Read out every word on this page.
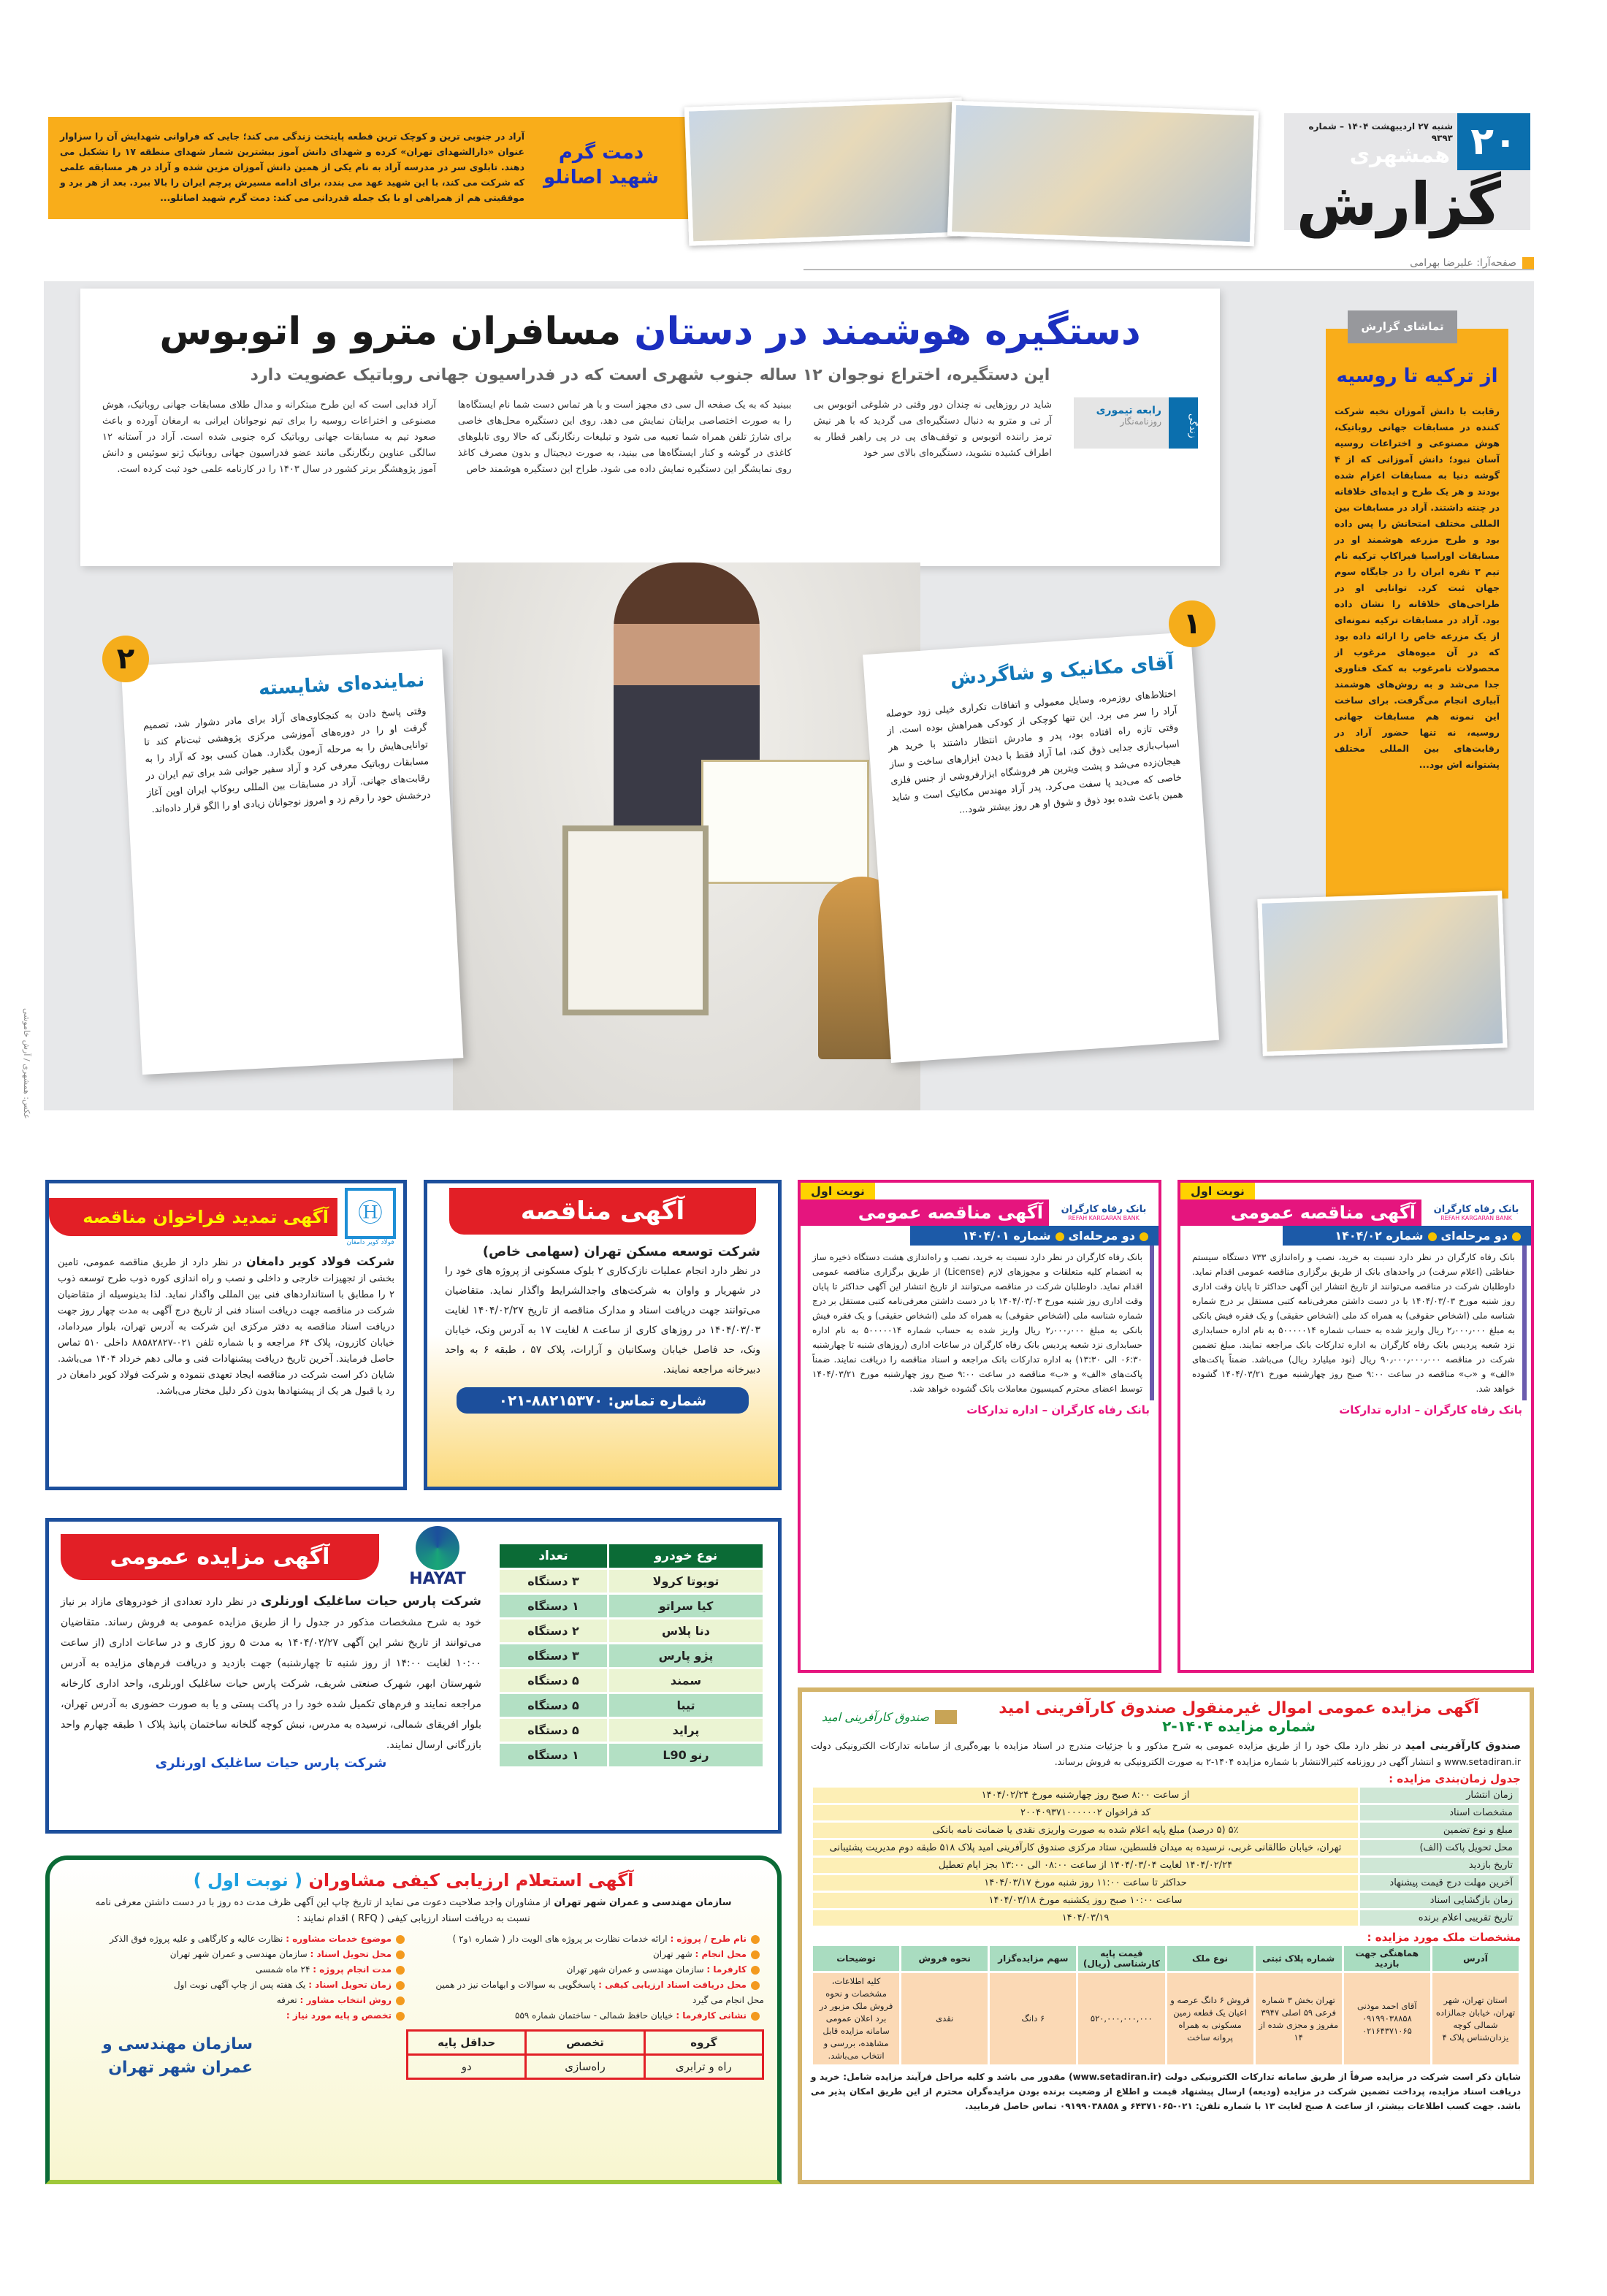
۲۰
شنبه ۲۷ اردیبهشت ۱۴۰۴ – شماره ۹۳۹۳
همشهری
گزارش
صفحه‌آرا: علیرضا بهرامی
دمت گرم
شهید اصانلو
آراد در جنوبی ترین و کوچک ترین قطعه پایتخت زندگی می کند؛ جایی که فراوانی شهدایش آن را سزاوار عنوان «دارالشهدای تهران» کرده و شهدای دانش آموز بیشترین شمار شهدای منطقه ۱۷ را تشکیل می دهند. تابلوی سر در مدرسه آراد به نام یکی از همین دانش آموزان مزین شده و آراد در هر مسابقه علمی که شرکت می کند، با این شهید عهد می بندد، برای ادامه مسیرش پرچم ایران را بالا ببرد. بعد از هر برد و موفقیتی هم از همراهی او با یک جمله قدردانی می کند: دمت گرم شهید اصانلو...
دستگیره هوشمند در دستان مسافران مترو و اتوبوس
این دستگیره، اختراع نوجوان ۱۲ ساله جنوب شهری است که در فدراسیون جهانی روباتیک عضویت دارد
زندگی
رابعه تیموری
روزنامه‌نگار
شاید در روزهایی نه چندان دور وقتی در شلوغی اتوبوس بی آر تی و مترو به دنبال دستگیره‌ای می گردید که با هر نیش ترمز راننده اتوبوس و توقف‌های پی در پی راهبر قطار به اطراف کشیده نشوید، دستگیره‌ای بالای سر خود
ببینید که به یک صفحه ال سی دی مجهز است و با هر تماس دست شما نام ایستگاه‌ها را به صورت اختصاصی برایتان نمایش می دهد. روی این دستگیره محل‌های خاصی برای شارژ تلفن همراه شما تعبیه می شود و تبلیغات رنگارنگی که حالا روی تابلوهای کاغذی در گوشه و کنار ایستگاه‌ها می بینید، به صورت دیجیتال و بدون مصرف کاغذ روی نمایشگر این دستگیره نمایش داده می شود. طراح این دستگیره هوشمند خاص
آراد فدایی است که این طرح مبتکرانه و مدال طلای مسابقات جهانی روباتیک، هوش مصنوعی و اختراعات روسیه را برای تیم نوجوانان ایرانی به ارمغان آورده و باعث صعود تیم به مسابقات جهانی روباتیک کره جنوبی شده است. آراد در آستانه ۱۲ سالگی عناوین رنگارنگی مانند عضو فدراسیون جهانی روباتیک ژنو سوئیس و دانش آموز پژوهشگر برتر کشور در سال ۱۴۰۳ را در کارنامه علمی خود ثبت کرده است.
تماشای گزارش
از ترکیه تا روسیه
رقابت با دانش آموزان نخبه شرکت کننده در مسابقات جهانی روباتیک، هوش مصنوعی و اختراعات روسیه آسان نبود؛ دانش آموزانی که از ۴ گوشه دنیا به مسابقات اعزام شده بودند و هر یک طرح و ایده‌ای خلاقانه در چنته داشتند. آراد در مسابقات بین المللی مختلف امتحانش را پس داده بود و طرح مزرعه هوشمند او در مسابقات اوراسیا فیراکاپ ترکیه نام تیم ۳ نفره ایران را در جایگاه سوم جهان ثبت کرد. توانایی او در طراحی‌های خلاقانه را نشان داده بود. آراد در مسابقات ترکیه نمونه‌ای از یک مزرعه خاص را ارائه داده بود که در آن میوه‌های مرغوب از محصولات نامرغوب به کمک فناوری جدا می‌شد و به روش‌های هوشمند آبیاری انجام می‌گرفت. برای ساخت این نمونه هم مسابقات جهانی روسیه، نه تنها حضور آراد در رقابت‌های بین المللی مختلف پشتوانه اش بود...
عکس: همشهری / آرش خاموشی
نماینده‌ای شایسته
وقتی پاسخ دادن به کنجکاوی‌های آراد برای مادر دشوار شد، تصمیم گرفت او را در دوره‌های آموزشی مرکزی پژوهشی ثبت‌نام کند تا توانایی‌هایش را به مرحله آزمون بگذارد. همان کسی بود که آراد را به مسابقات روباتیک معرفی کرد و آراد سفیر جوانی شد برای تیم ایران در رقابت‌های جهانی. آراد در مسابقات بین المللی ربوکاپ ایران اوپن آغاز درخشش خود را رقم زد و امروز نوجوانان زیادی او را الگو قرار داده‌اند.
۲	آقای مکانیک و شاگردش
اختلاط‌های روزمره، وسایل معمولی و اتفاقات تکراری خیلی زود حوصله آراد را سر می برد. این تنها کوچکی از کودکی همراهش بوده است. از وقتی تازه راه افتاده بود، پدر و مادرش انتظار داشتند با خرید هر اسباب‌بازی جدایی ذوق کند، اما آراد فقط با دیدن ابزارهای ساخت و ساز هیجان‌زده می‌شد و پشت ویترین هر فروشگاه ابزارفروشی از جنس فلزی خاصی که می‌دید پا سفت می‌کرد. پدر آراد مهندس مکانیک است و شاید همین باعث شده بود ذوق و شوق او هر روز بیشتر شود...
۱
Ⓗ
فولاد کویر دامغان
آگهی تمدید فراخوان مناقصه
شرکت فولاد کویر دامغان در نظر دارد از طریق مناقصه عمومی، تامین بخشی از تجهیزات خارجی و داخلی و نصب و راه اندازی کوره ذوب طرح توسعه ذوب ۲ را مطابق با استانداردهای فنی بین المللی واگذار نماید. لذا بدینوسیله از متقاضیان شرکت در مناقصه جهت دریافت اسناد فنی از تاریخ درج آگهی به مدت چهار روز جهت دریافت اسناد مناقصه به دفتر مرکزی این شرکت به آدرس تهران، بلوار میرداماد، خیابان کازرون، پلاک ۶۴ مراجعه و با شماره تلفن ۰۲۱-۸۸۵۸۲۸۲۷ داخلی ۵۱۰ تماس حاصل فرمایند. آخرین تاریخ دریافت پیشنهادات فنی و مالی دهم خرداد ۱۴۰۴ می‌باشد. شایان ذکر است شرکت در مناقصه ایجاد تعهدی ننموده و شرکت فولاد کویر دامغان در رد یا قبول هر یک از پیشنهادها بدون ذکر دلیل مختار می‌باشد.
آگهی مناقصه
شرکت توسعه مسکن تهران (سهامی خاص)
در نظر دارد انجام عملیات نازک‌کاری ۲ بلوک مسکونی از پروژه های خود را در شهریار و واوان به شرکت‌های واجدالشرایط واگذار نماید. متقاضیان می‌توانند جهت دریافت اسناد و مدارک مناقصه از تاریخ ۱۴۰۴/۰۲/۲۷ لغایت ۱۴۰۴/۰۳/۰۳ در روزهای کاری از ساعت ۸ لغایت ۱۷ به آدرس ونک، خیابان ونک، حد فاصل خیابان وسکانیان و آرارات، پلاک ۵۷ ، طبقه ۶ به واحد دبیرخانه مراجعه نمایند.
شماره تماس: ۸۸۲۱۵۳۷۰-۰۲۱
نوبت اول
بانک رفاه کارگران
REFAH KARGARAN BANK
آگهی مناقصه عمومی
دو مرحله‌ایشماره ۱۴۰۴/۰۱
بانک رفاه کارگران در نظر دارد نسبت به خرید، نصب و راه‌اندازی هشت دستگاه ذخیره ساز به انضمام کلیه متعلقات و مجوزهای لازم (License) از طریق برگزاری مناقصه عمومی اقدام نماید. داوطلبان شرکت در مناقصه می‌توانند از تاریخ انتشار این آگهی حداکثر تا پایان وقت اداری روز شنبه مورخ ۱۴۰۴/۰۳/۰۳ با در دست داشتن معرفی‌نامه کتبی مستقل بر درج شماره شناسه ملی (اشخاص حقوقی) به همراه کد ملی (اشخاص حقیقی) و یک فقره فیش بانکی به مبلغ ۲٫۰۰۰٫۰۰۰ ریال واریز شده به حساب شماره ۵۰۰۰۰۰۱۴ به نام اداره حسابداری نزد شعبه پردیس بانک رفاه کارگران در ساعات اداری (روزهای شنبه تا چهارشنبه ۰۶:۳۰ الی ۱۳:۳۰) به اداره تدارکات بانک مراجعه و اسناد مناقصه را دریافت نمایند. ضمناً پاکت‌های «الف» و «ب» مناقصه در ساعت ۹:۰۰ صبح روز چهارشنبه مورخ ۱۴۰۴/۰۳/۲۱ توسط اعضای محترم کمیسیون معاملات بانک گشوده خواهد شد.
بانک رفاه کارگران – اداره تدارکات
نوبت اول
بانک رفاه کارگران
REFAH KARGARAN BANK
آگهی مناقصه عمومی
دو مرحله‌ایشماره ۱۴۰۴/۰۲
بانک رفاه کارگران در نظر دارد نسبت به خرید، نصب و راه‌اندازی ۷۳۳ دستگاه سیستم حفاظتی (اعلام سرقت) در واحدهای بانک از طریق برگزاری مناقصه عمومی اقدام نماید. داوطلبان شرکت در مناقصه می‌توانند از تاریخ انتشار این آگهی حداکثر تا پایان وقت اداری روز شنبه مورخ ۱۴۰۴/۰۳/۰۳ با در دست داشتن معرفی‌نامه کتبی مستقل بر درج شماره شناسه ملی (اشخاص حقوقی) به همراه کد ملی (اشخاص حقیقی) و یک فقره فیش بانکی به مبلغ ۲٫۰۰۰٫۰۰۰ ریال واریز شده به حساب شماره ۵۰۰۰۰۰۱۴ به نام اداره حسابداری نزد شعبه پردیس بانک رفاه کارگران به اداره تدارکات بانک مراجعه نمایند. مبلغ تضمین شرکت در مناقصه ۹۰٫۰۰۰٫۰۰۰٫۰۰۰ ریال (نود میلیارد ریال) می‌باشد. ضمناً پاکت‌های «الف» و «ب» مناقصه در ساعت ۹:۰۰ صبح روز چهارشنبه مورخ ۱۴۰۴/۰۳/۲۱ گشوده خواهد شد.
بانک رفاه کارگران – اداره تدارکات
نوع خودرو	تعداد
تویوتا کرولا	۳ دستگاه
کیا سراتو	۱ دستگاه
دنا پلاس	۲ دستگاه
پژو پارس	۳ دستگاه
سمند	۵ دستگاه
تیبا	۵ دستگاه
پراید	۵ دستگاه
رنو L90	۱ دستگاه
HAYAT
آگهی مزایده عمومی
شرکت پارس حیات ساغلیک اورنلری در نظر دارد تعدادی از خودروهای مازاد بر نیاز خود به شرح مشخصات مذکور در جدول را از طریق مزایده عمومی به فروش رساند. متقاضیان می‌توانند از تاریخ نشر این آگهی ۱۴۰۴/۰۲/۲۷ به مدت ۵ روز کاری و در ساعات اداری (از ساعت ۱۰:۰۰ لغایت ۱۴:۰۰ از روز شنبه تا چهارشنبه) جهت بازدید و دریافت فرم‌های مزایده به آدرس شهرستان ابهر، شهرک صنعتی شریف، شرکت پارس حیات ساغلیک اورنلری، واحد اداری کارخانه مراجعه نمایند و فرم‌های تکمیل شده خود را در پاکت پستی و یا به صورت حضوری به آدرس تهران، بلوار افریقای شمالی، نرسیده به مدرس، نبش کوچه گلخانه ساختمان پانیذ پلاک ۱ طبقه چهارم واحد بازرگانی ارسال نمایند.
شرکت پارس حیات ساغلیک اورنلری
آگهی استعلام ارزیابی کیفی مشاوران ( نوبت اول )
سازمان مهندسی و عمران شهر تهران از مشاوران واجد صلاحیت دعوت می نماید از تاریخ چاپ این آگهی ظرف مدت ده روز با در دست داشتن معرفی نامه نسبت به دریافت اسناد ارزیابی کیفی ( RFQ ) اقدام نمایند :
نام طرح / پروژه : ارائه خدمات نظارت بر پروژه های الویت دار ( شماره ۱و۲ )
محل انجام : شهر تهران
کارفرما : سازمان مهندسی و عمران شهر تهران
محل دریافت اسناد ارزیابی کیفی : پاسخگویی به سوالات و ابهامات نیز در همین محل انجام می گیرد
نشانی کارفرما : خیابان حافظ شمالی - ساختمان شماره ۵۵۹
موضوع خدمات مشاوره : نظارت عالیه و کارگاهی و علیه پروژه فوق الذکر
محل تحویل اسناد : سازمان مهندسی و عمران شهر تهران
مدت انجام پروژه : ۲۴ ماه شمسی
زمان تحویل اسناد : یک هفته پس از چاپ آگهی نوبت اول
روش انتخاب مشاور : تعرفه
تخصص و پایه مورد نیاز :
گروه	تخصص	حداقل پایه
راه و ترابری	راه‌سازی	دو
سازمان مهندسی و عمران شهر تهران
آگهی مزایده عمومی اموال غیرمنقول صندوق کارآفرینی امید
شماره مزایده ۱۴۰۴-۲
صندوق کارآفرینی امید
صندوق کارآفرینی امید در نظر دارد ملک خود را از طریق مزایده عمومی به شرح مذکور و با جزئیات مندرج در اسناد مزایده با بهره‌گیری از سامانه تدارکات الکترونیکی دولت www.setadiran.ir و انتشار آگهی در روزنامه کثیرالانتشار با شماره مزایده ۱۴۰۴-۲ به صورت الکترونیکی به فروش برساند.
جدول زمان‌بندی مزایده :
زمان انتشار	از ساعت ۸:۰۰ صبح روز چهارشنبه مورخ ۱۴۰۴/۰۲/۲۴
مشخصات اسناد	کد فراخوان ۲۰۰۴۰۹۳۷۱۰۰۰۰۰۰۲
مبلغ و نوع تضمین	۵٪ (۵ درصد) مبلغ پایه اعلام شده به صورت واریزی نقدی یا ضمانت نامه بانکی
محل تحویل پاکت (الف)	تهران، خیابان طالقانی غربی، نرسیده به میدان فلسطین، ستاد مرکزی صندوق کارآفرینی امید پلاک ۵۱۸ طبقه دوم مدیریت پشتیبانی
تاریخ بازدید	۱۴۰۴/۰۲/۲۴ لغایت ۱۴۰۴/۰۳/۰۴ از ساعت ۰۸:۰۰ الی ۱۳:۰۰ بجز ایام تعطیل
آخرین مهلت درج قیمت پیشنهاد	حداکثر تا ساعت ۱۱:۰۰ روز شنبه مورخ ۱۴۰۴/۰۳/۱۷
زمان بازگشایی اسناد	ساعت ۱۰:۰۰ صبح روز یکشنبه مورخ ۱۴۰۴/۰۳/۱۸
تاریخ تقریبی اعلام برنده	۱۴۰۴/۰۳/۱۹
مشخصات ملک مورد مزایده :
آدرس	هماهنگی جهت بازدید	شماره پلاک ثبتی	نوع ملک	قیمت پایه کارشناسی (ریال)	سهم مزایده‌گزار	نحوه فروش	توضیحات
استان تهران، شهر تهران، خیابان جمالزاده شمالی کوچه یزدان‌شناس پلاک ۴	آقای احمد موذنی ۰۹۱۹۹۰۳۸۸۵۸ ۰۲۱۶۴۳۷۱۰۶۵	تهران بخش ۳ شماره فرعی ۵۹ اصلی ۳۹۴۷ مفروز و مجزی شده از ۱۴	فروش ۶ دانگ عرصه و اعیان یک قطعه زمین مسکونی به همراه پروانه ساخت	۵۲۰,۰۰۰,۰۰۰,۰۰۰	۶ دانگ	نقدی	کلیه اطلاعات، مشخصات و نحوه فروش ملک مزبور در برد اعلان عمومی سامانه مزایده قابل مشاهده، بررسی و انتخاب می‌باشد.
شایان ذکر است شرکت در مزایده صرفاً از طریق سامانه تدارکات الکترونیکی دولت (www.setadiran.ir) مقدور می باشد و کلیه مراحل فرآیند مزایده شامل: خرید و دریافت اسناد مزایده، پرداخت تضمین شرکت در مزایده (ودیعه) ارسال پیشنهاد قیمت و اطلاع از وضعیت برنده بودن مزایده‌گران محترم از این طریق امکان پذیر می باشد. جهت کسب اطلاعات بیشتر، از ساعت ۸ صبح لغایت ۱۳ با شماره تلفن: ۰۲۱-۶۴۳۷۱۰۶۵ و ۰۹۱۹۹۰۳۸۸۵۸ تماس حاصل فرمایید.
